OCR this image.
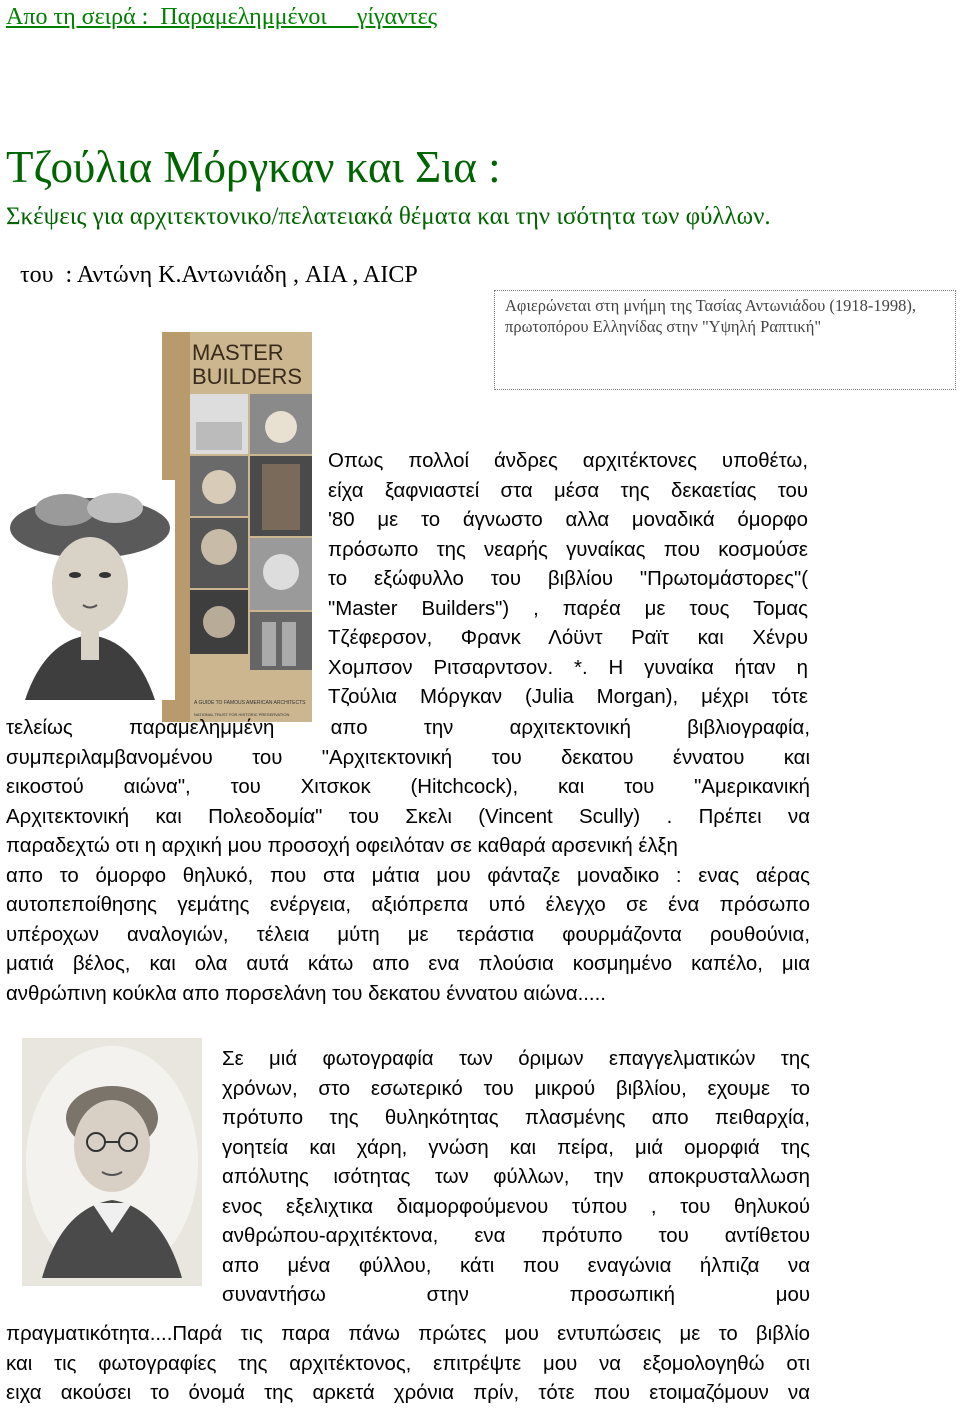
Απο τη σειρά :  Παραμελημμένοι     γίγαντες
Τζούλια Μόργκαν και Σια :
Σκέψεις για αρχιτεκτονικο/πελατειακά θέματα και την ισότητα των φύλλων.
του  : Αντώνη Κ.Αντωνιάδη , AIA , AICP
Αφιερώνεται στη μνήμη της Τασίας Αντωνιάδου (1918-1998),
πρωτοπόρου Ελληνίδας στην "Υψηλή Ραπτική"
MASTER
BUILDERS
A GUIDE TO FAMOUS AMERICAN ARCHITECTS
NATIONAL TRUST FOR HISTORIC PRESERVATION
Οπως πολλοί άνδρες αρχιτέκτονες υποθέτω,
είχα ξαφνιαστεί στα μέσα της δεκαετίας του
'80 με το άγνωστο αλλα μοναδικά όμορφο
πρόσωπο της νεαρής γυναίκας που κοσμούσε
το εξώφυλλο του βιβλίου "Πρωτομάστορες"(
"Master Builders") , παρέα με τους Τομας
Τζέφερσον, Φρανκ Λόϋντ Ραϊτ και Χένρυ
Χομπσον Ριτσαρντσον. *. Η γυναίκα ήταν η
Τζούλια Μόργκαν (Julia Morgan), μέχρι τότε
τελείως παραμελημμένη απο την αρχιτεκτονική βιβλιογραφία,
συμπεριλαμβανομένου του "Αρχιτεκτονική του δεκατου έννατου και
εικοστού αιώνα", του Χιτσκοκ (Hitchcock), και του "Αμερικανική
Αρχιτεκτονική και Πολεοδομία" του Σκελι (Vincent Scully) . Πρέπει να
παραδεχτώ οτι η αρχική μου προσοχή οφειλόταν σε καθαρά αρσενική έλξη
απο το όμορφο θηλυκό, που στα μάτια μου φάνταζε μοναδικο : ενας αέρας
αυτοπεποίθησης γεμάτης ενέργεια, αξιόπρεπα υπό έλεγχο σε ένα πρόσωπο
υπέροχων αναλογιών, τέλεια μύτη με τεράστια φουρμάζοντα ρουθούνια,
ματιά βέλος, και ολα αυτά κάτω απο ενα πλούσια κοσμημένο καπέλο, μια
ανθρώπινη κούκλα απο πορσελάνη του δεκατου έννατου αιώνα.....
Σε μιά φωτογραφία των όριμων επαγγελματικών της
χρόνων, στο εσωτερικό του μικρού βιβλίου, εχουμε το
πρότυπο της θυληκότητας πλασμένης απο πειθαρχία,
γοητεία και χάρη, γνώση και πείρα, μιά ομορφιά της
απόλυτης ισότητας των φύλλων, την αποκρυσταλλωση
ενος εξελιχτικα διαμορφούμενου τύπου , του θηλυκού
ανθρώπου-αρχιτέκτονα, ενα πρότυπο του αντίθετου
απο μένα φύλλου, κάτι που εναγώνια ήλπιζα να
συναντήσω στην προσωπική μου
πραγματικότητα....Παρά τις παρα πάνω πρώτες μου εντυπώσεις με το βιβλίο
και τις φωτογραφίες της αρχιτέκτονος, επιτρέψτε μου να εξομολογηθώ οτι
ειχα ακούσει το όνομά της αρκετά χρόνια πρίν, τότε που ετοιμαζόμουν να
